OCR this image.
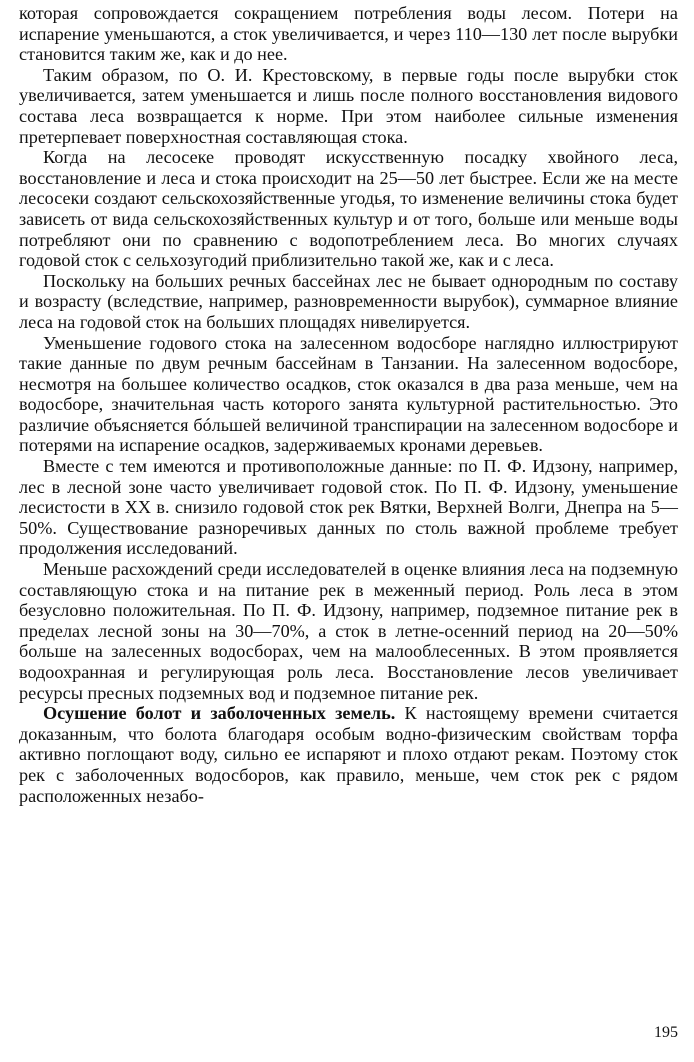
которая сопровождается сокращением потребления воды лесом. Потери на испарение уменьшаются, а сток увеличивается, и через 110—130 лет после вырубки становится таким же, как и до нее.

Таким образом, по О. И. Крестовскому, в первые годы после вырубки сток увеличивается, затем уменьшается и лишь после полного восстановления видового состава леса возвращается к норме. При этом наиболее сильные изменения претерпевает поверхностная составляющая стока.

Когда на лесосеке проводят искусственную посадку хвойного леса, восстановление и леса и стока происходит на 25—50 лет быстрее. Если же на месте лесосеки создают сельскохозяйственные угодья, то изменение величины стока будет зависеть от вида сельскохозяйственных культур и от того, больше или меньше воды потребляют они по сравнению с водопотреблением леса. Во многих случаях годовой сток с сельхозугодий приблизительно такой же, как и с леса.

Поскольку на больших речных бассейнах лес не бывает однородным по составу и возрасту (вследствие, например, разновременности вырубок), суммарное влияние леса на годовой сток на больших площадях нивелируется.

Уменьшение годового стока на залесенном водосборе наглядно иллюстрируют такие данные по двум речным бассейнам в Танзании. На залесенном водосборе, несмотря на большее количество осадков, сток оказался в два раза меньше, чем на водосборе, значительная часть которого занята культурной растительностью. Это различие объясняется бóльшей величиной транспирации на залесенном водосборе и потерями на испарение осадков, задерживаемых кронами деревьев.

Вместе с тем имеются и противоположные данные: по П. Ф. Идзону, например, лес в лесной зоне часто увеличивает годовой сток. По П. Ф. Идзону, уменьшение лесистости в XX в. снизило годовой сток рек Вятки, Верхней Волги, Днепра на 5—50%. Существование разноречивых данных по столь важной проблеме требует продолжения исследований.

Меньше расхождений среди исследователей в оценке влияния леса на подземную составляющую стока и на питание рек в меженный период. Роль леса в этом безусловно положительная. По П. Ф. Идзону, например, подземное питание рек в пределах лесной зоны на 30—70%, а сток в летне-осенний период на 20—50% больше на залесенных водосборах, чем на малооблесенных. В этом проявляется водоохранная и регулирующая роль леса. Восстановление лесов увеличивает ресурсы пресных подземных вод и подземное питание рек.

Осушение болот и заболоченных земель. К настоящему времени считается доказанным, что болота благодаря особым водно-физическим свойствам торфа активно поглощают воду, сильно ее испаряют и плохо отдают рекам. Поэтому сток рек с заболоченных водосборов, как правило, меньше, чем сток рек с рядом расположенных незабо-

195
